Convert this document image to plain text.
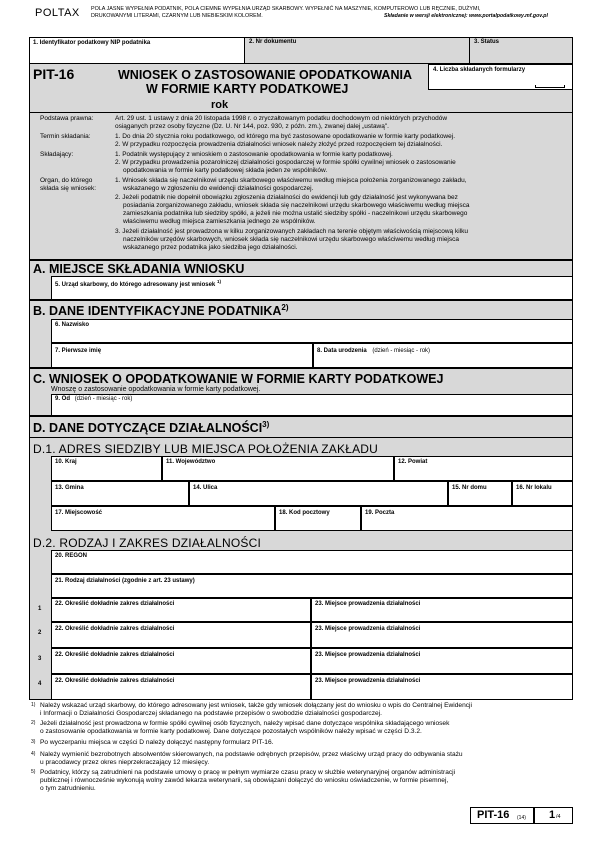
POLTAX POLA JASNE WYPEŁNIA PODATNIK, POLA CIEMNE WYPEŁNIA URZĄD SKARBOWY. WYPEŁNIĆ NA MASZYNIE, KOMPUTEROWO LUB RĘCZNIE, DUŻYMI,
DRUKOWANYMI LITERAMI, CZARNYM LUB NIEBIESKIM KOLOREM.	Składanie w wersji elektronicznej: www.portalpodatkowy.mf.gov.pl
1. Identyfikator podatkowy NIP podatnika	2. Nr dokumentu	3. Status
PIT-16	WNIOSEK O ZASTOSOWANIE OPODATKOWANIA
W FORMIE KARTY PODATKOWEJ
rok
4. Liczba składanych formularzy
Podstawa prawna:	Art. 29 ust. 1 ustawy z dnia 20 listopada 1998 r. o zryczałtowanym podatku dochodowym od niektórych przychodów
osiąganych przez osoby fizyczne (Dz. U. Nr 144, poz. 930, z późn. zm.), zwanej dalej „ustawą".
Termin składania:	1. Do dnia 20 stycznia roku podatkowego, od którego ma być zastosowane opodatkowanie w formie karty podatkowej.
2. W przypadku rozpoczęcia prowadzenia działalności wniosek należy złożyć przed rozpoczęciem tej działalności.
Składający:	1. Podatnik występujący z wnioskiem o zastosowanie opodatkowania w formie karty podatkowej.
2. W przypadku prowadzenia pozarolniczej działalności gospodarczej w formie spółki cywilnej wniosek o zastosowanie
opodatkowania w formie karty podatkowej składa jeden ze wspólników.
Organ, do którego
składa się wniosek:
1. Wniosek składa się naczelnikowi urzędu skarbowego właściwemu według miejsca położenia zorganizowanego zakładu,
wskazanego w zgłoszeniu do ewidencji działalności gospodarczej.
2. Jeżeli podatnik nie dopełnił obowiązku zgłoszenia działalności do ewidencji lub gdy działalność jest wykonywana bez
posiadania zorganizowanego zakładu, wniosek składa się naczelnikowi urzędu skarbowego właściwemu według miejsca
zamieszkania podatnika lub siedziby spółki, a jeżeli nie można ustalić siedziby spółki - naczelnikowi urzędu skarbowego
właściwemu według miejsca zamieszkania jednego ze wspólników.
3. Jeżeli działalność jest prowadzona w kilku zorganizowanych zakładach na terenie objętym właściwością miejscową kilku
naczelników urzędów skarbowych, wniosek składa się naczelnikowi urzędu skarbowego właściwemu według miejsca
wskazanego przez podatnika jako siedziba jego działalności.
A. MIEJSCE SKŁADANIA WNIOSKU
5. Urząd skarbowy, do którego adresowany jest wniosek $^{1)}$
B. DANE IDENTYFIKACYJNE PODATNIKA$^{2)}$
6. Nazwisko
7. Pierwsze imię	8. Data urodzenia (dzień - miesiąc - rok)
C. WNIOSEK O OPODATKOWANIE W FORMIE KARTY PODATKOWEJ
Wnoszę o zastosowanie opodatkowania w formie karty podatkowej.
9. Od (dzień - miesiąc - rok)
D. DANE DOTYCZĄCE DZIAŁALNOŚCI$^{3)}$
D.1. ADRES SIEDZIBY LUB MIEJSCA POŁOŻENIA ZAKŁADU
10. Kraj	11. Województwo	12. Powiat
13. Gmina	14. Ulica	15. Nr domu	16. Nr lokalu
17. Miejscowość	18. Kod pocztowy	19. Poczta
D.2. RODZAJ I ZAKRES DZIAŁALNOŚCI
20. REGON
21. Rodzaj działalności (zgodnie z art. 23 ustawy)
1
22. Określić dokładnie zakres działalności	23. Miejsce prowadzenia działalności
2
22. Określić dokładnie zakres działalności	23. Miejsce prowadzenia działalności
3
22. Określić dokładnie zakres działalności	23. Miejsce prowadzenia działalności
4 22. Określić dokładnie zakres działalności	23. Miejsce prowadzenia działalności
1) Należy wskazać urząd skarbowy, do którego adresowany jest wniosek, także gdy wniosek dołączany jest do wniosku o wpis do Centralnej Ewidencji
i Informacji o Działalności Gospodarczej składanego na podstawie przepisów o swobodzie działalności gospodarczej.
2) Jeżeli działalność jest prowadzona w formie spółki cywilnej osób fizycznych, należy wpisać dane dotyczące wspólnika składającego wniosek
o zastosowanie opodatkowania w formie karty podatkowej. Dane dotyczące pozostałych wspólników należy wpisać w części D.3.2.
3) Po wyczerpaniu miejsca w części D należy dołączyć następny formularz PIT-16.
4) Należy wymienić bezrobotnych absolwentów skierowanych, na podstawie odrębnych przepisów, przez właściwy urząd pracy do odbywania stażu
u pracodawcy przez okres nieprzekraczający 12 miesięcy.
5) Podatnicy, którzy są zatrudnieni na podstawie umowy o pracę w pełnym wymiarze czasu pracy w służbie weterynaryjnej organów administracji
publicznej i równocześnie wykonują wolny zawód lekarza weterynarii, są obowiązani dołączyć do wniosku oświadczenie, w formie pisemnej,
o tym zatrudnieniu.
PIT-16 (14) 1 /4
